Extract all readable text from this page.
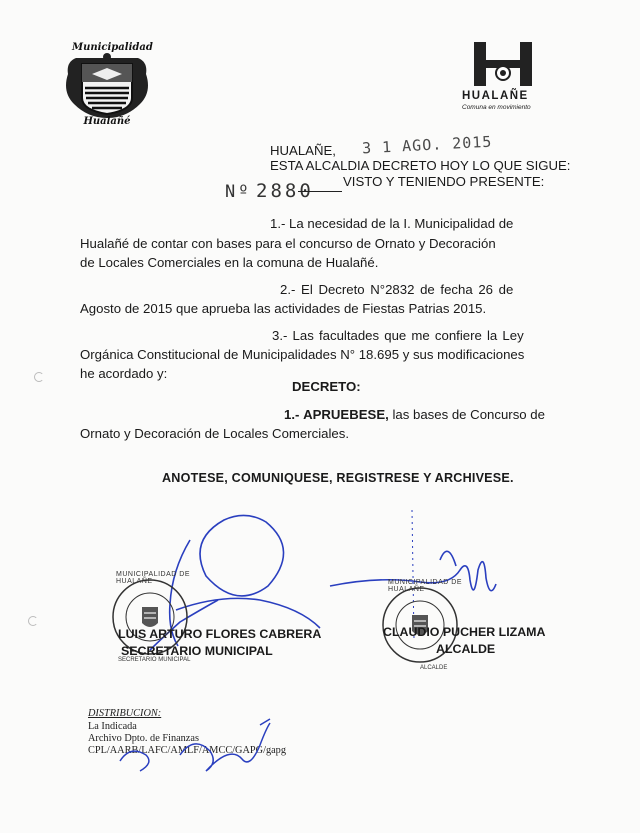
Municipalidad
Hualañé
HUALAÑE
Comuna en movimiento
HUALAÑE, 3 1 AGO. 2015
ESTA ALCALDIA DECRETO HOY LO QUE SIGUE:
Nº 2880 VISTO Y TENIENDO PRESENTE:
1.- La necesidad de la I. Municipalidad de
Hualañé de contar con bases para el concurso de Ornato y Decoración
de Locales Comerciales en la comuna de Hualañé.
2.- El Decreto N°2832 de fecha 26 de
Agosto de 2015 que aprueba las actividades de Fiestas Patrias 2015.
3.- Las facultades que me confiere la Ley
Orgánica Constitucional de Municipalidades N° 18.695 y sus modificaciones
he acordado y:
DECRETO:
1.- APRUEBESE, las bases de Concurso de
Ornato y Decoración de Locales Comerciales.
ANOTESE, COMUNIQUESE, REGISTRESE Y ARCHIVESE.
MUNICIPALIDAD DE HUALAÑE
SECRETARIO MUNICIPAL
MUNICIPALIDAD DE HUALAÑE
ALCALDE
LUIS ARTURO FLORES CABRERA
SECRETARIO MUNICIPAL
CLAUDIO PUCHER LIZAMA
ALCALDE
DISTRIBUCION:
La Indicada
Archivo Dpto. de Finanzas
CPL/AARB/LAFC/AMLF/AMCC/GAPG/gapg
